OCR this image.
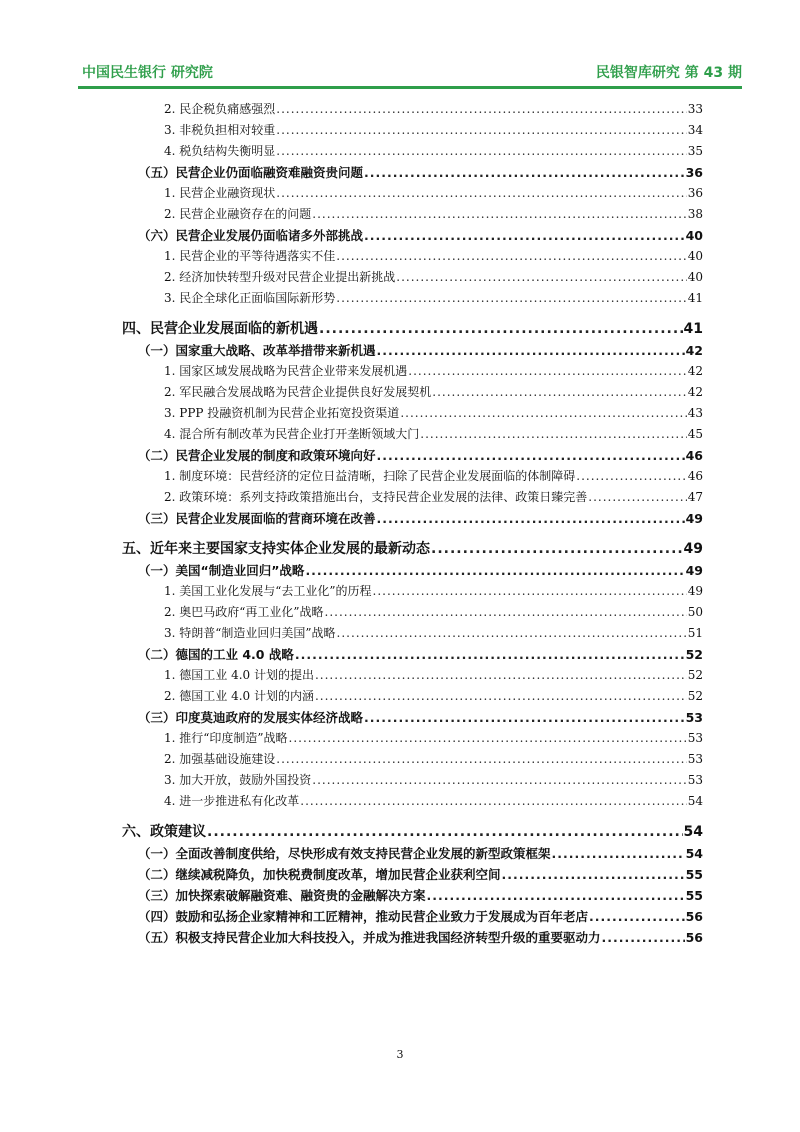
中国民生银行 研究院	民银智库研究 第 43 期
2. 民企税负痛感强烈 .....	33
3. 非税负担相对较重 .....	34
4. 税负结构失衡明显 .....	35
（五）民营企业仍面临融资难融资贵问题 .....	36
1. 民营企业融资现状 .....	36
2. 民营企业融资存在的问题 .....	38
（六）民营企业发展仍面临诸多外部挑战 .....	40
1. 民营企业的平等待遇落实不佳 .....	40
2. 经济加快转型升级对民营企业提出新挑战 .....	40
3. 民企全球化正面临国际新形势 .....	41
四、民营企业发展面临的新机遇 .....	41
（一）国家重大战略、改革举措带来新机遇 .....	42
1. 国家区域发展战略为民营企业带来发展机遇 .....	42
2. 军民融合发展战略为民营企业提供良好发展契机 .....	42
3. PPP 投融资机制为民营企业拓宽投资渠道 .....	43
4. 混合所有制改革为民营企业打开垄断领域大门 .....	45
（二）民营企业发展的制度和政策环境向好 .....	46
1. 制度环境：民营经济的定位日益清晰，扫除了民营企业发展面临的体制障碍 .....	46
2. 政策环境：系列支持政策措施出台，支持民营企业发展的法律、政策日臻完善 .....	47
（三）民营企业发展面临的营商环境在改善 .....	49
五、近年来主要国家支持实体企业发展的最新动态 .....	49
（一）美国“制造业回归”战略 .....	49
1. 美国工业化发展与“去工业化”的历程 .....	49
2. 奥巴马政府“再工业化”战略 .....	50
3. 特朗普“制造业回归美国”战略 .....	51
（二）德国的工业 4.0 战略 .....	52
1. 德国工业 4.0 计划的提出 .....	52
2. 德国工业 4.0 计划的内涵 .....	52
（三）印度莫迪政府的发展实体经济战略 .....	53
1. 推行“印度制造”战略 .....	53
2. 加强基础设施建设 .....	53
3. 加大开放，鼓励外国投资 .....	53
4. 进一步推进私有化改革 .....	54
六、政策建议 .....	54
（一）全面改善制度供给，尽快形成有效支持民营企业发展的新型政策框架 .....	54
（二）继续减税降负，加快税费制度改革，增加民营企业获利空间 .....	55
（三）加快探索破解融资难、融资贵的金融解决方案 .....	55
（四）鼓励和弘扬企业家精神和工匠精神，推动民营企业致力于发展成为百年老店 .....	56
（五）积极支持民营企业加大科技投入，并成为推进我国经济转型升级的重要驱动力 .....	56
3
